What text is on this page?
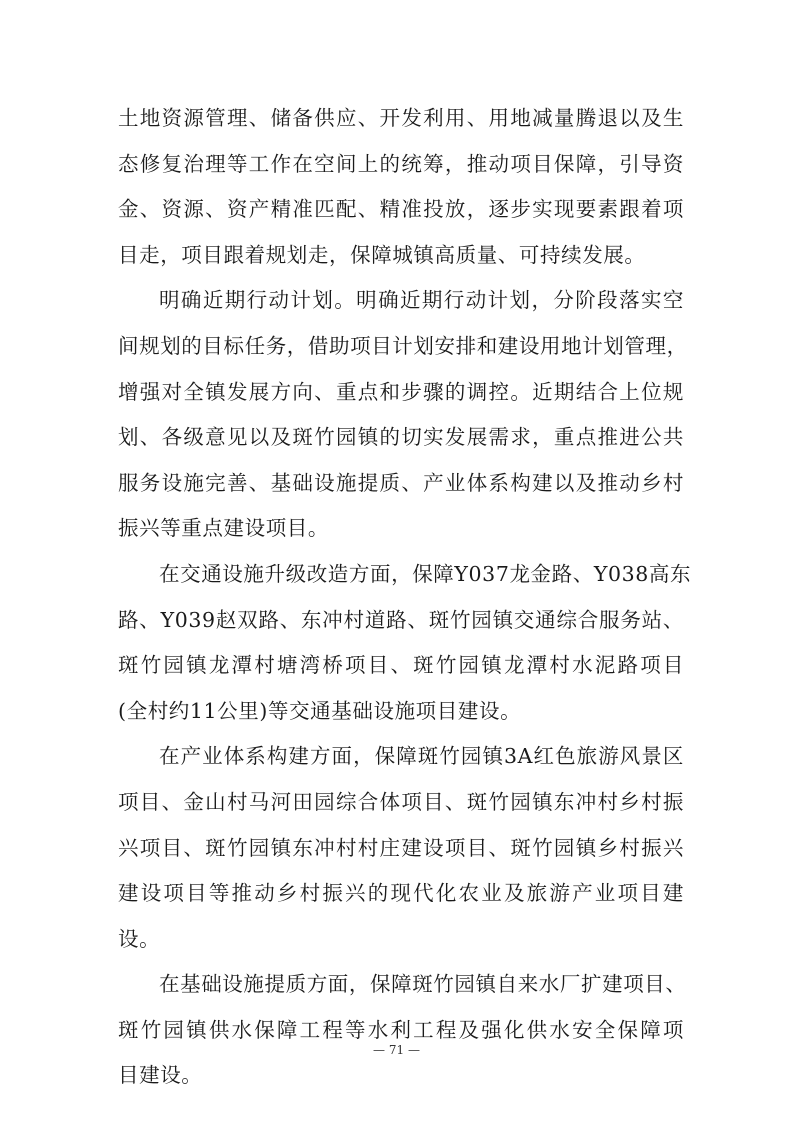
土地资源管理、储备供应、开发利用、用地减量腾退以及生
态修复治理等工作在空间上的统筹，推动项目保障，引导资
金、资源、资产精准匹配、精准投放，逐步实现要素跟着项
目走，项目跟着规划走，保障城镇高质量、可持续发展。

明确近期行动计划。明确近期行动计划，分阶段落实空
间规划的目标任务，借助项目计划安排和建设用地计划管理，
增强对全镇发展方向、重点和步骤的调控。近期结合上位规
划、各级意见以及斑竹园镇的切实发展需求，重点推进公共
服务设施完善、基础设施提质、产业体系构建以及推动乡村
振兴等重点建设项目。

在交通设施升级改造方面，保障Y037龙金路、Y038高东
路、Y039赵双路、东冲村道路、斑竹园镇交通综合服务站、
斑竹园镇龙潭村塘湾桥项目、斑竹园镇龙潭村水泥路项目
(全村约11公里)等交通基础设施项目建设。

在产业体系构建方面，保障斑竹园镇3A红色旅游风景区
项目、金山村马河田园综合体项目、斑竹园镇东冲村乡村振
兴项目、斑竹园镇东冲村村庄建设项目、斑竹园镇乡村振兴
建设项目等推动乡村振兴的现代化农业及旅游产业项目建
设。

在基础设施提质方面，保障斑竹园镇自来水厂扩建项目、
斑竹园镇供水保障工程等水利工程及强化供水安全保障项
目建设。

— 71 —
